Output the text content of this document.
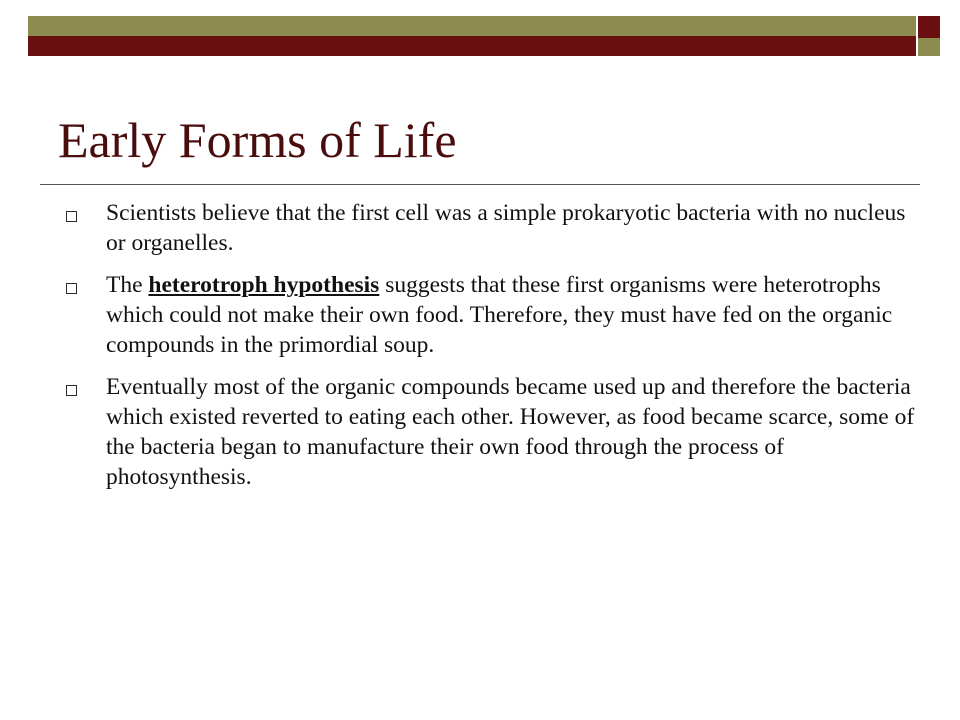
Early Forms of Life
Scientists believe that the first cell was a simple prokaryotic bacteria with no nucleus or organelles.
The heterotroph hypothesis suggests that these first organisms were heterotrophs which could not make their own food. Therefore, they must have fed on the organic compounds in the primordial soup.
Eventually most of the organic compounds became used up and therefore the bacteria which existed reverted to eating each other. However, as food became scarce, some of the bacteria began to manufacture their own food through the process of photosynthesis.
